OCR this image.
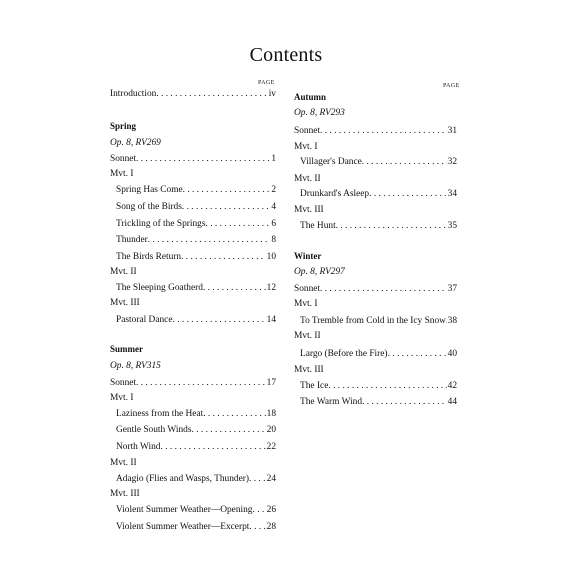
Contents
PAGE	PAGE
Introduction . . .	iv
Spring
Op. 8, RV269
Sonnet . . .	1
Mvt. I
Spring Has Come . . .	2
Song of the Birds . . .	4
Trickling of the Springs . . .	6
Thunder . . .	8
The Birds Return . . .	10
Mvt. II
The Sleeping Goatherd . . .	12
Mvt. III
Pastoral Dance . . .	14
Summer
Op. 8, RV315
Sonnet . . .	17
Mvt. I
Laziness from the Heat . . .	18
Gentle South Winds . . .	20
North Wind . . .	22
Mvt. II
Adagio (Flies and Wasps, Thunder) . . . 24
Mvt. III
Violent Summer Weather—Opening . . . 26
Violent Summer Weather—Excerpt . . . 28
Autumn
Op. 8, RV293
Sonnet . . .	31
Mvt. I
Villager's Dance . . .	32
Mvt. II
Drunkard's Asleep . . .	34
Mvt. III
The Hunt . . .	35
Winter
Op. 8, RV297
Sonnet . . .	37
Mvt. I
To Tremble from Cold in the Icy Snow . . . 38
Mvt. II
Largo (Before the Fire) . . .	40
Mvt. III
The Ice . . .	42
The Warm Wind . . .	44
